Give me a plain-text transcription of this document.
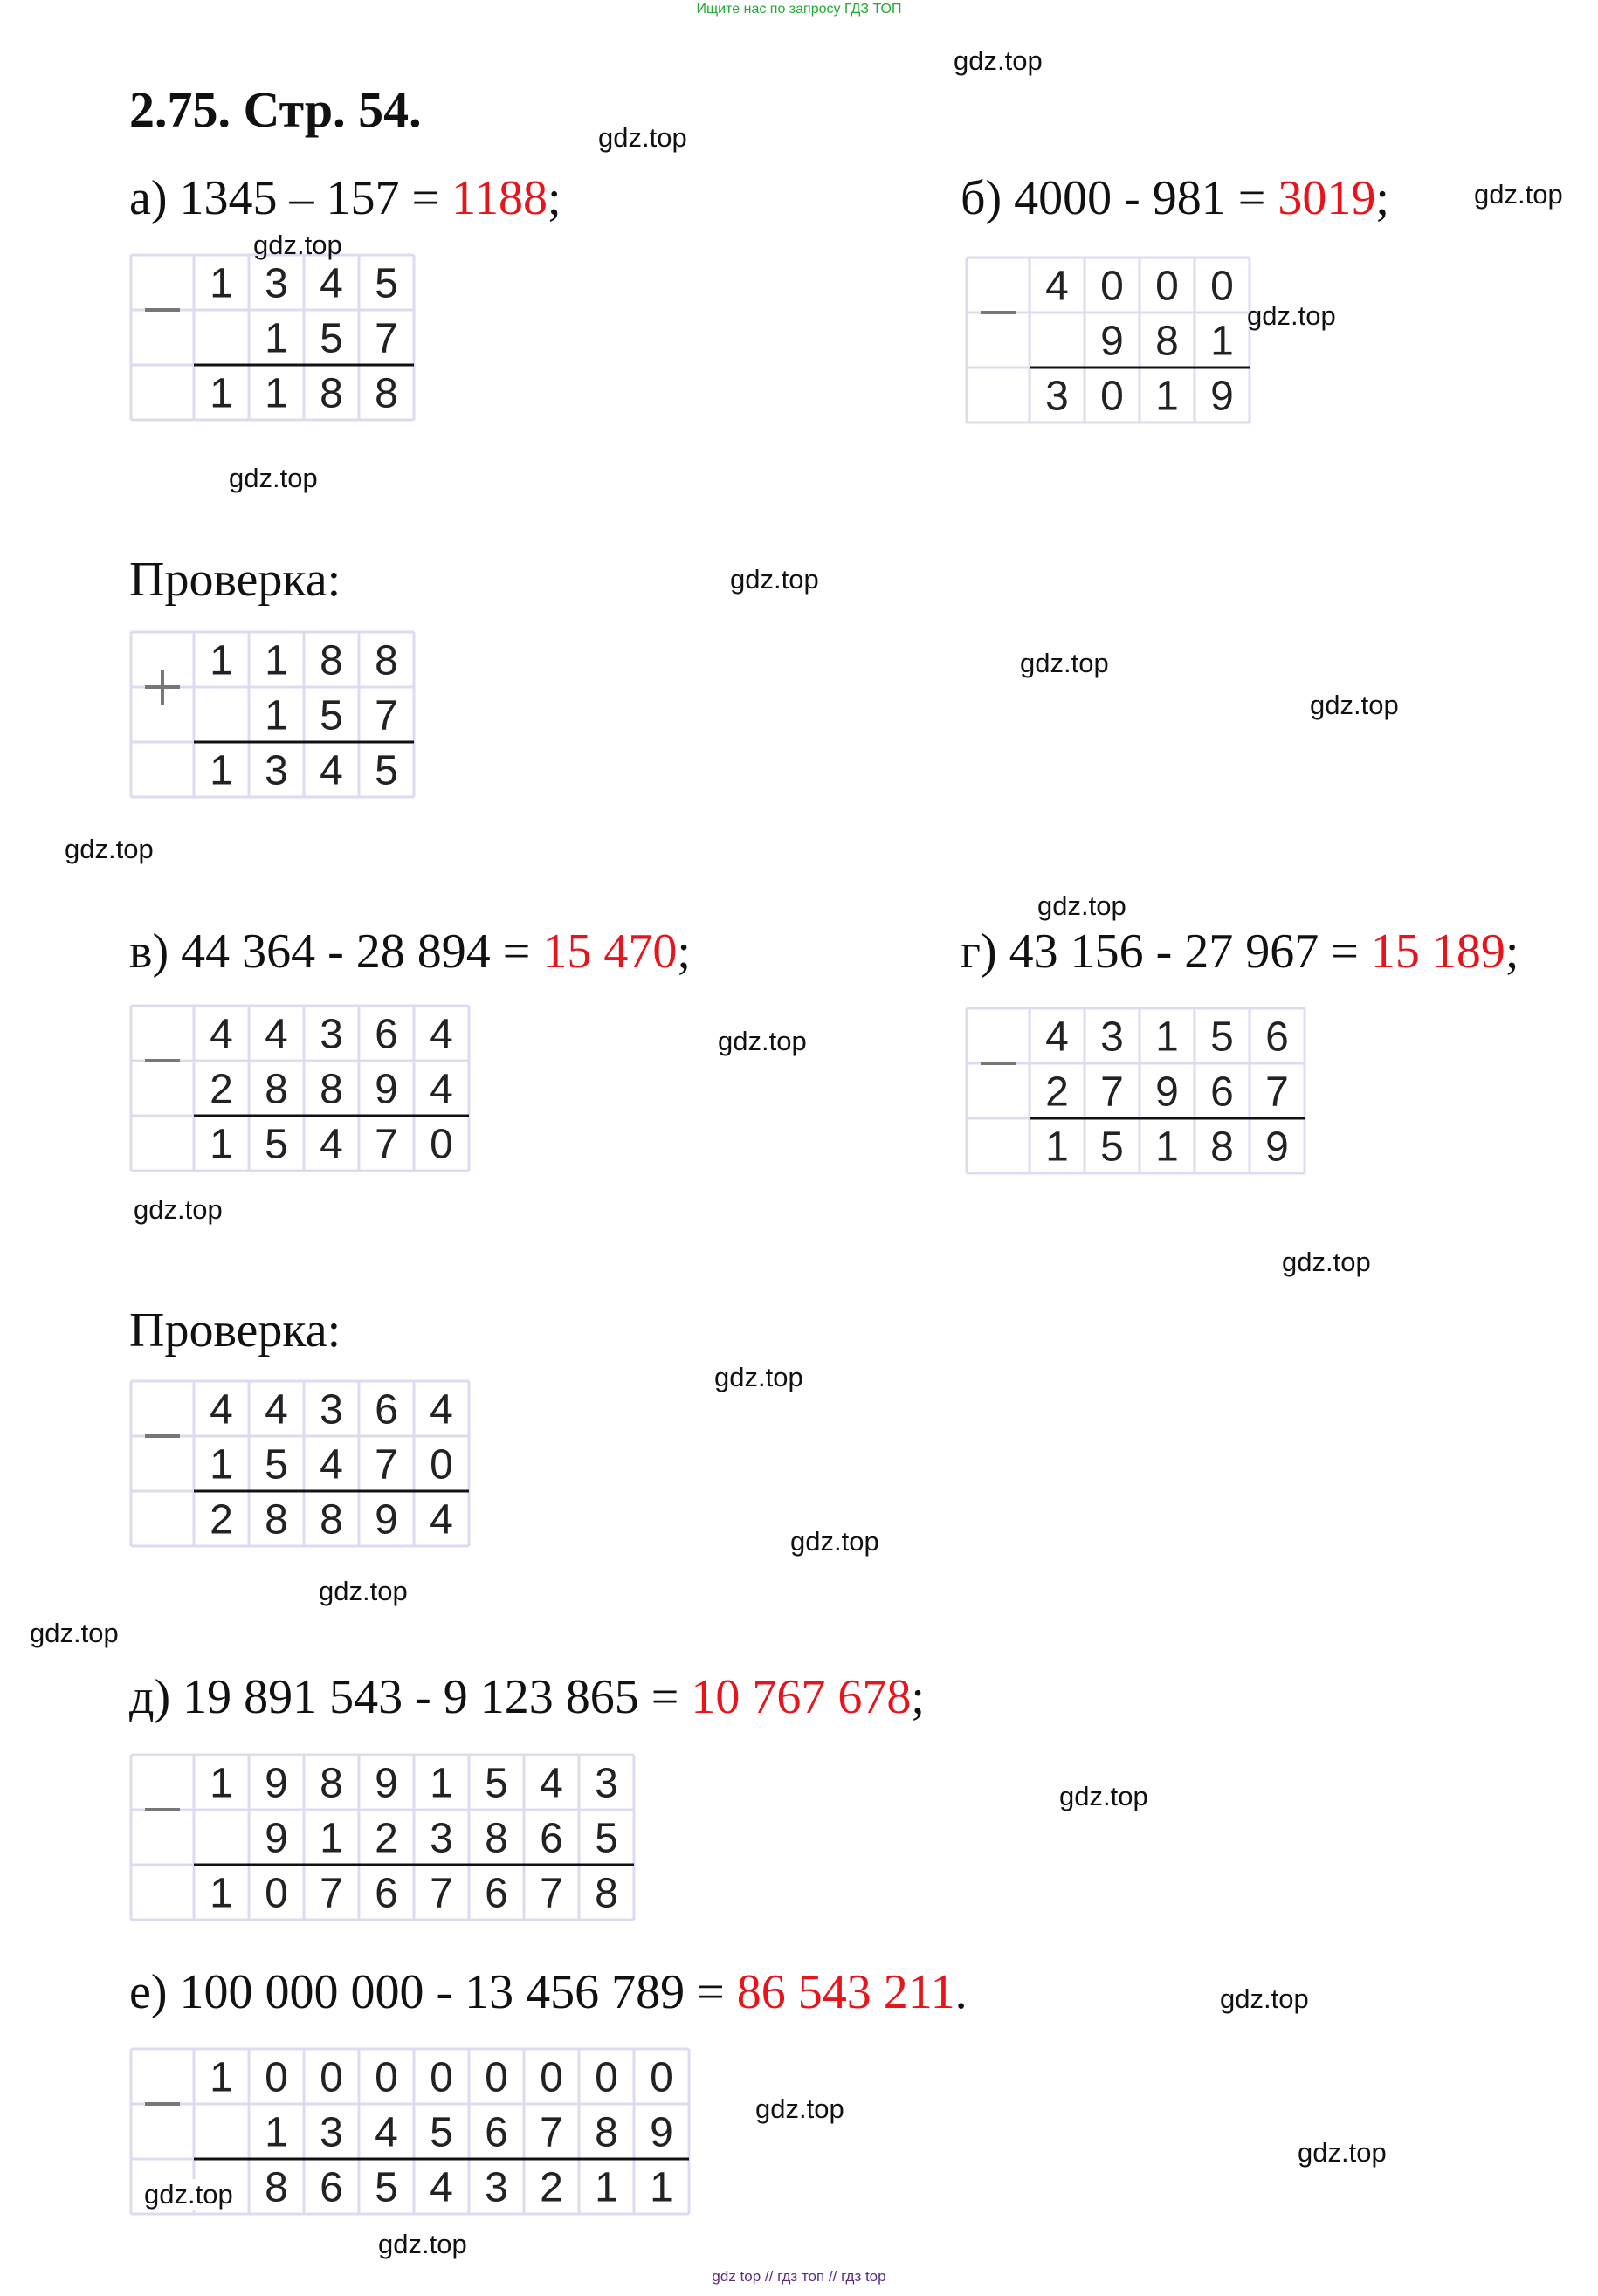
Ищите нас по запросу ГДЗ ТОП
2.75. Стр. 54.
а) 1345 – 157 = 1188;	б) 4000 - 981 = 3019;
в) 44 364 - 28 894 = 15 470;	г) 43 156 - 27 967 = 15 189;
д) 19 891 543 - 9 123 865 = 10 767 678;
е) 100 000 000 - 13 456 789 = 86 543 211.
Проверка:
Проверка:
1 3 4 5
1 5 7
1 1 8 8
1 1 8 8
1 5 7
1 3 4 5
4 0 0 0
9 8 1
3 0 1 9
4 4 3 6 4
2 8 8 9 4
1 5 4 7 0
4 4 3 6 4
1 5 4 7 0
2 8 8 9 4
4 3 1 5 6
2 7 9 6 7
1 5 1 8 9
1 9 8 9 1 5 4 3
9 1 2 3 8 6 5
1 0 7 6 7 6 7 8
1 0 0 0 0 0 0 0 0
1 3 4 5 6 7 8 9
8 6 5 4 3 2 1 1
gdz.top
gdz.top
gdz.top
gdz.top
gdz.top
gdz.top
gdz.top
gdz.top
gdz.top
gdz.top
gdz.top
gdz.top
gdz.top
gdz.top
gdz.top
gdz.top
gdz.top
gdz.top
gdz.top
gdz.top
gdz.top
gdz.top
gdz.top
gdz.top
gdz top // гдз топ // гдз top
